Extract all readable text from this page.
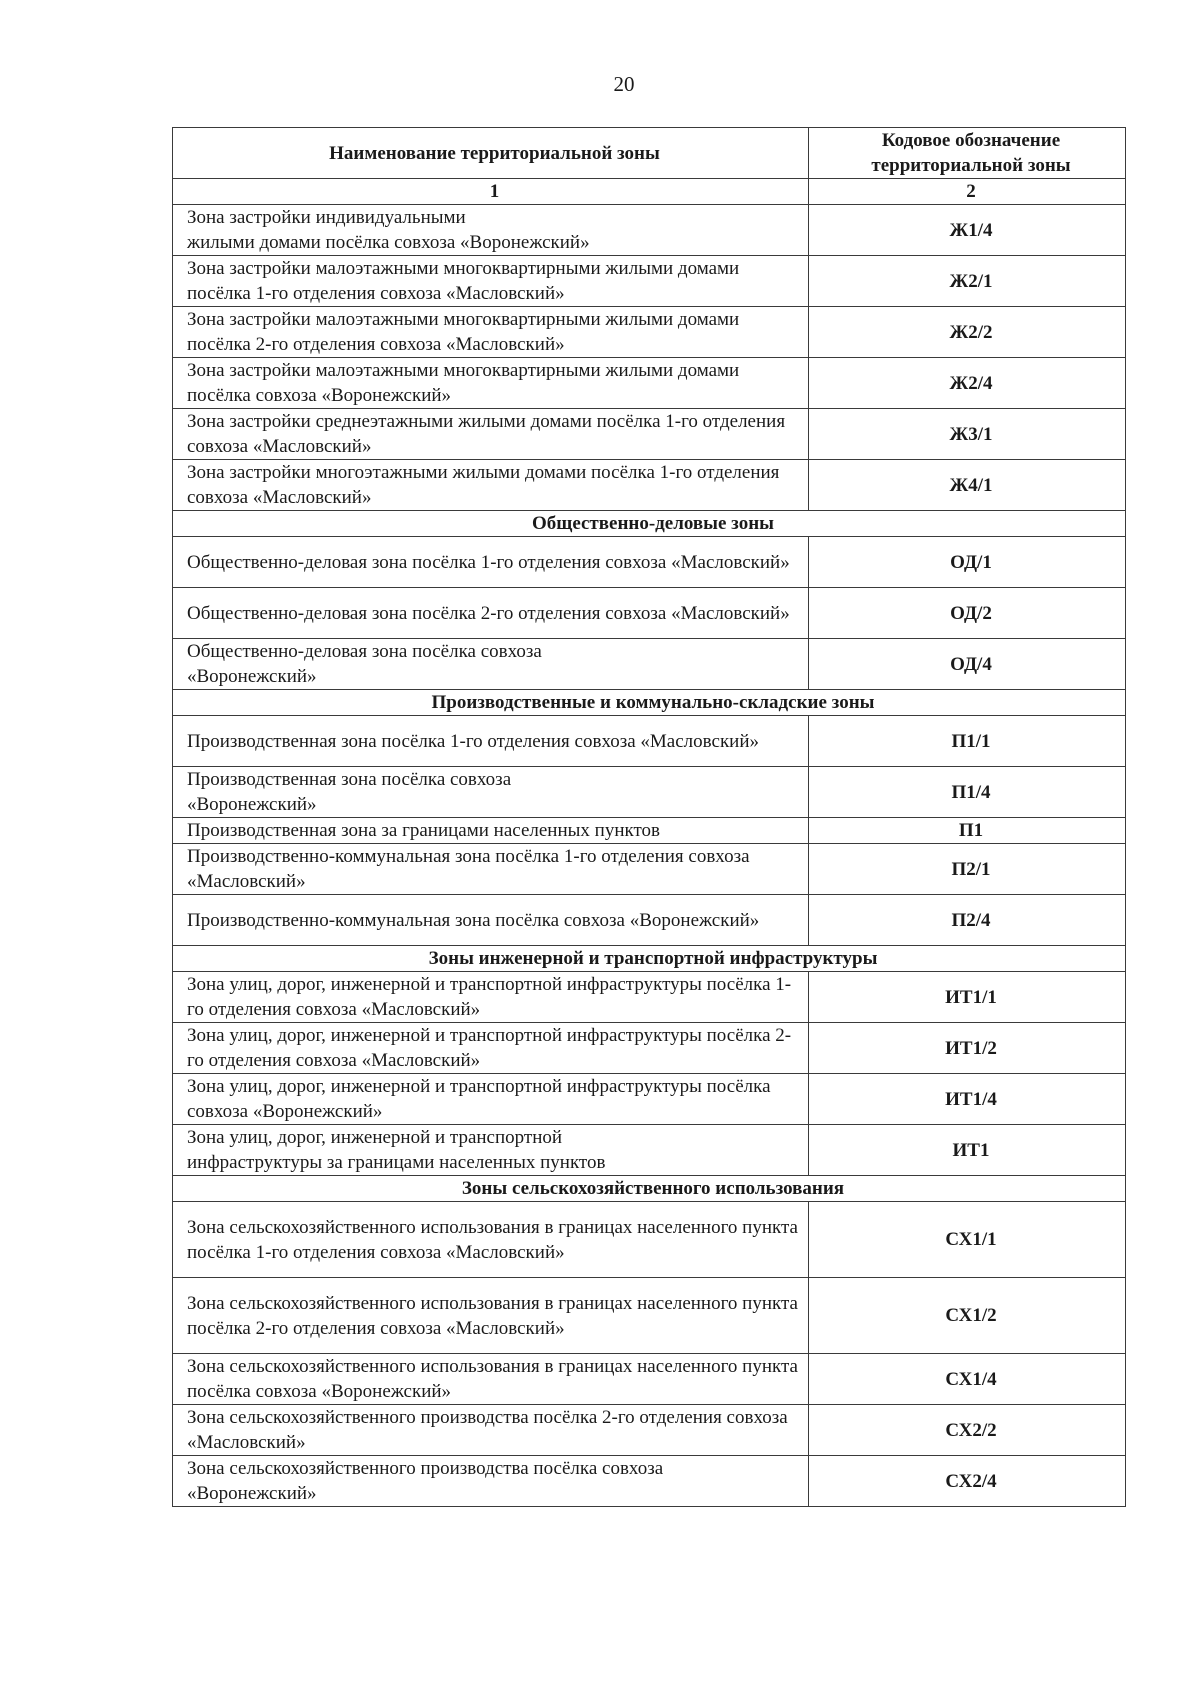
20
Наименование территориальной зоны	Кодовое обозначение территориальной зоны
1	2
Зона застройки индивидуальными
жилыми домами посёлка совхоза «Воронежский»	Ж1/4
Зона застройки малоэтажными многоквартирными жилыми домами посёлка 1-го отделения совхоза «Масловский»	Ж2/1
Зона застройки малоэтажными многоквартирными жилыми домами посёлка 2-го отделения совхоза «Масловский»	Ж2/2
Зона застройки малоэтажными многоквартирными жилыми домами посёлка совхоза «Воронежский»	Ж2/4
Зона застройки среднеэтажными жилыми домами посёлка 1-го отделения совхоза «Масловский»	Ж3/1
Зона застройки многоэтажными жилыми домами посёлка 1-го отделения совхоза «Масловский»	Ж4/1
Общественно-деловые зоны	
Общественно-деловая зона посёлка 1-го отделения совхоза «Масловский»	ОД/1
Общественно-деловая зона посёлка 2-го отделения совхоза «Масловский»	ОД/2
Общественно-деловая зона посёлка совхоза
«Воронежский»	ОД/4
Производственные и коммунально-складские зоны	
Производственная зона посёлка 1-го отделения совхоза «Масловский»	П1/1
Производственная зона посёлка совхоза
«Воронежский»	П1/4
Производственная зона за границами населенных пунктов	П1
Производственно-коммунальная зона посёлка 1-го отделения совхоза «Масловский»	П2/1
Производственно-коммунальная зона посёлка совхоза «Воронежский»	П2/4
Зоны инженерной и транспортной инфраструктуры	
Зона улиц, дорог, инженерной и транспортной инфраструктуры посёлка 1-го отделения совхоза «Масловский»	ИТ1/1
Зона улиц, дорог, инженерной и транспортной инфраструктуры посёлка 2-го отделения совхоза «Масловский»	ИТ1/2
Зона улиц, дорог, инженерной и транспортной инфраструктуры посёлка совхоза «Воронежский»	ИТ1/4
Зона улиц, дорог, инженерной и транспортной
инфраструктуры за границами населенных пунктов	ИТ1
Зоны сельскохозяйственного использования	
Зона сельскохозяйственного использования в границах населенного пункта посёлка 1-го отделения совхоза «Масловский»	СХ1/1
Зона сельскохозяйственного использования в границах населенного пункта посёлка 2-го отделения совхоза «Масловский»	СХ1/2
Зона сельскохозяйственного использования в границах населенного пункта посёлка совхоза «Воронежский»	СХ1/4
Зона сельскохозяйственного производства посёлка 2-го отделения совхоза «Масловский»	СХ2/2
Зона сельскохозяйственного производства посёлка совхоза
«Воронежский»	СХ2/4
